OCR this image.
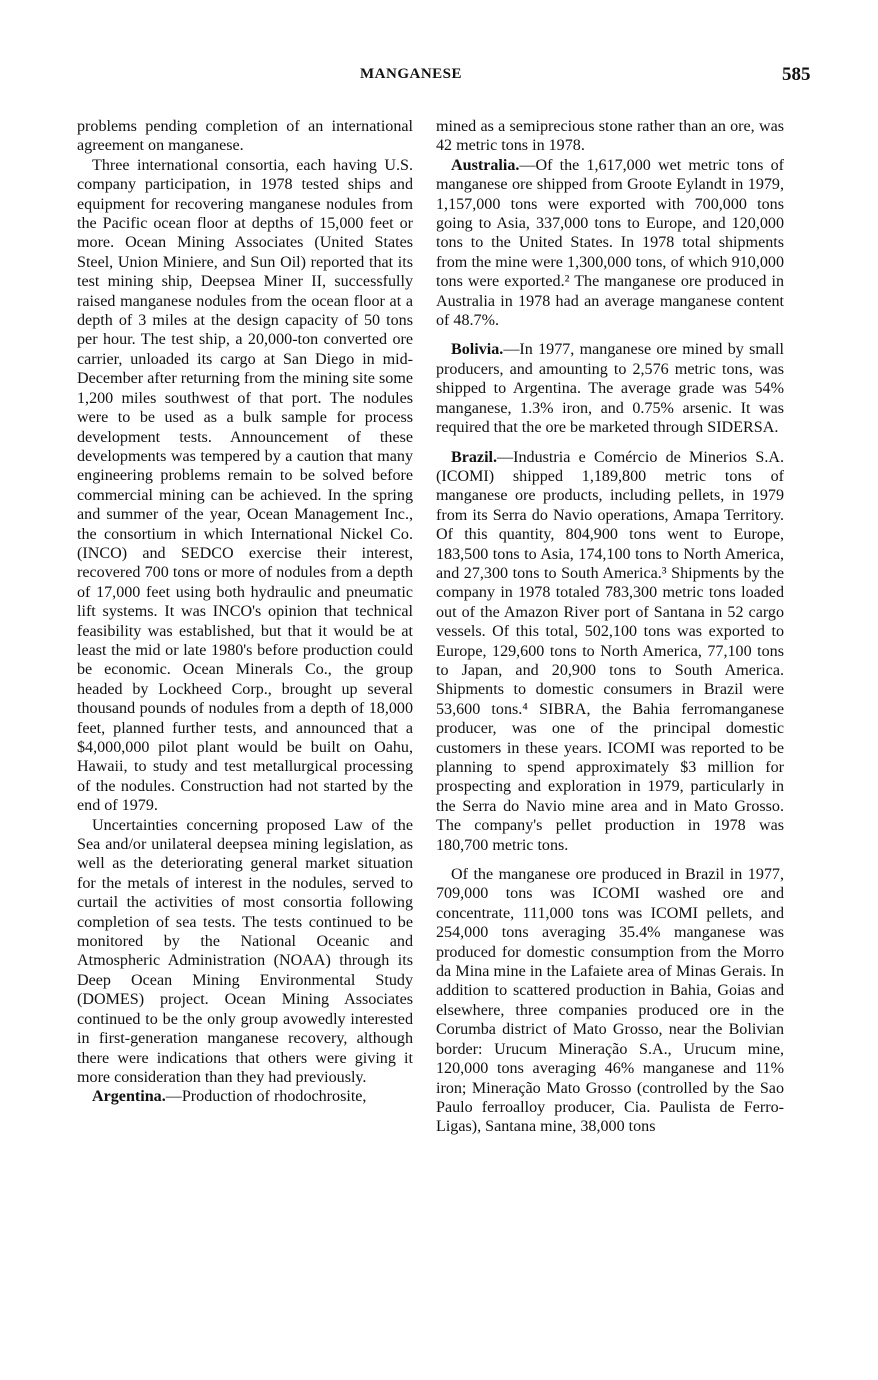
MANGANESE	585

problems pending completion of an international agreement on manganese.

Three international consortia, each having U.S. company participation, in 1978 tested ships and equipment for recovering manganese nodules from the Pacific ocean floor at depths of 15,000 feet or more. Ocean Mining Associates (United States Steel, Union Miniere, and Sun Oil) reported that its test mining ship, Deepsea Miner II, successfully raised manganese nodules from the ocean floor at a depth of 3 miles at the design capacity of 50 tons per hour. The test ship, a 20,000-ton converted ore carrier, unloaded its cargo at San Diego in mid-December after returning from the mining site some 1,200 miles southwest of that port. The nodules were to be used as a bulk sample for process development tests. Announcement of these developments was tempered by a caution that many engineering problems remain to be solved before commercial mining can be achieved. In the spring and summer of the year, Ocean Management Inc., the consortium in which International Nickel Co. (INCO) and SEDCO exercise their interest, recovered 700 tons or more of nodules from a depth of 17,000 feet using both hydraulic and pneumatic lift systems. It was INCO's opinion that technical feasibility was established, but that it would be at least the mid or late 1980's before production could be economic. Ocean Minerals Co., the group headed by Lockheed Corp., brought up several thousand pounds of nodules from a depth of 18,000 feet, planned further tests, and announced that a $4,000,000 pilot plant would be built on Oahu, Hawaii, to study and test metallurgical processing of the nodules. Construction had not started by the end of 1979.

Uncertainties concerning proposed Law of the Sea and/or unilateral deepsea mining legislation, as well as the deteriorating general market situation for the metals of interest in the nodules, served to curtail the activities of most consortia following completion of sea tests. The tests continued to be monitored by the National Oceanic and Atmospheric Administration (NOAA) through its Deep Ocean Mining Environmental Study (DOMES) project. Ocean Mining Associates continued to be the only group avowedly interested in first-generation manganese recovery, although there were indications that others were giving it more consideration than they had previously.

Argentina.—Production of rhodochrosite,

mined as a semiprecious stone rather than an ore, was 42 metric tons in 1978.

Australia.—Of the 1,617,000 wet metric tons of manganese ore shipped from Groote Eylandt in 1979, 1,157,000 tons were exported with 700,000 tons going to Asia, 337,000 tons to Europe, and 120,000 tons to the United States. In 1978 total shipments from the mine were 1,300,000 tons, of which 910,000 tons were exported.² The manganese ore produced in Australia in 1978 had an average manganese content of 48.7%.

Bolivia.—In 1977, manganese ore mined by small producers, and amounting to 2,576 metric tons, was shipped to Argentina. The average grade was 54% manganese, 1.3% iron, and 0.75% arsenic. It was required that the ore be marketed through SIDERSA.

Brazil.—Industria e Comércio de Minerios S.A. (ICOMI) shipped 1,189,800 metric tons of manganese ore products, including pellets, in 1979 from its Serra do Navio operations, Amapa Territory. Of this quantity, 804,900 tons went to Europe, 183,500 tons to Asia, 174,100 tons to North America, and 27,300 tons to South America.³ Shipments by the company in 1978 totaled 783,300 metric tons loaded out of the Amazon River port of Santana in 52 cargo vessels. Of this total, 502,100 tons was exported to Europe, 129,600 tons to North America, 77,100 tons to Japan, and 20,900 tons to South America. Shipments to domestic consumers in Brazil were 53,600 tons.⁴ SIBRA, the Bahia ferromanganese producer, was one of the principal domestic customers in these years. ICOMI was reported to be planning to spend approximately $3 million for prospecting and exploration in 1979, particularly in the Serra do Navio mine area and in Mato Grosso. The company's pellet production in 1978 was 180,700 metric tons.

Of the manganese ore produced in Brazil in 1977, 709,000 tons was ICOMI washed ore and concentrate, 111,000 tons was ICOMI pellets, and 254,000 tons averaging 35.4% manganese was produced for domestic consumption from the Morro da Mina mine in the Lafaiete area of Minas Gerais. In addition to scattered production in Bahia, Goias and elsewhere, three companies produced ore in the Corumba district of Mato Grosso, near the Bolivian border: Urucum Mineração S.A., Urucum mine, 120,000 tons averaging 46% manganese and 11% iron; Mineração Mato Grosso (controlled by the Sao Paulo ferroalloy producer, Cia. Paulista de Ferro-Ligas), Santana mine, 38,000 tons
